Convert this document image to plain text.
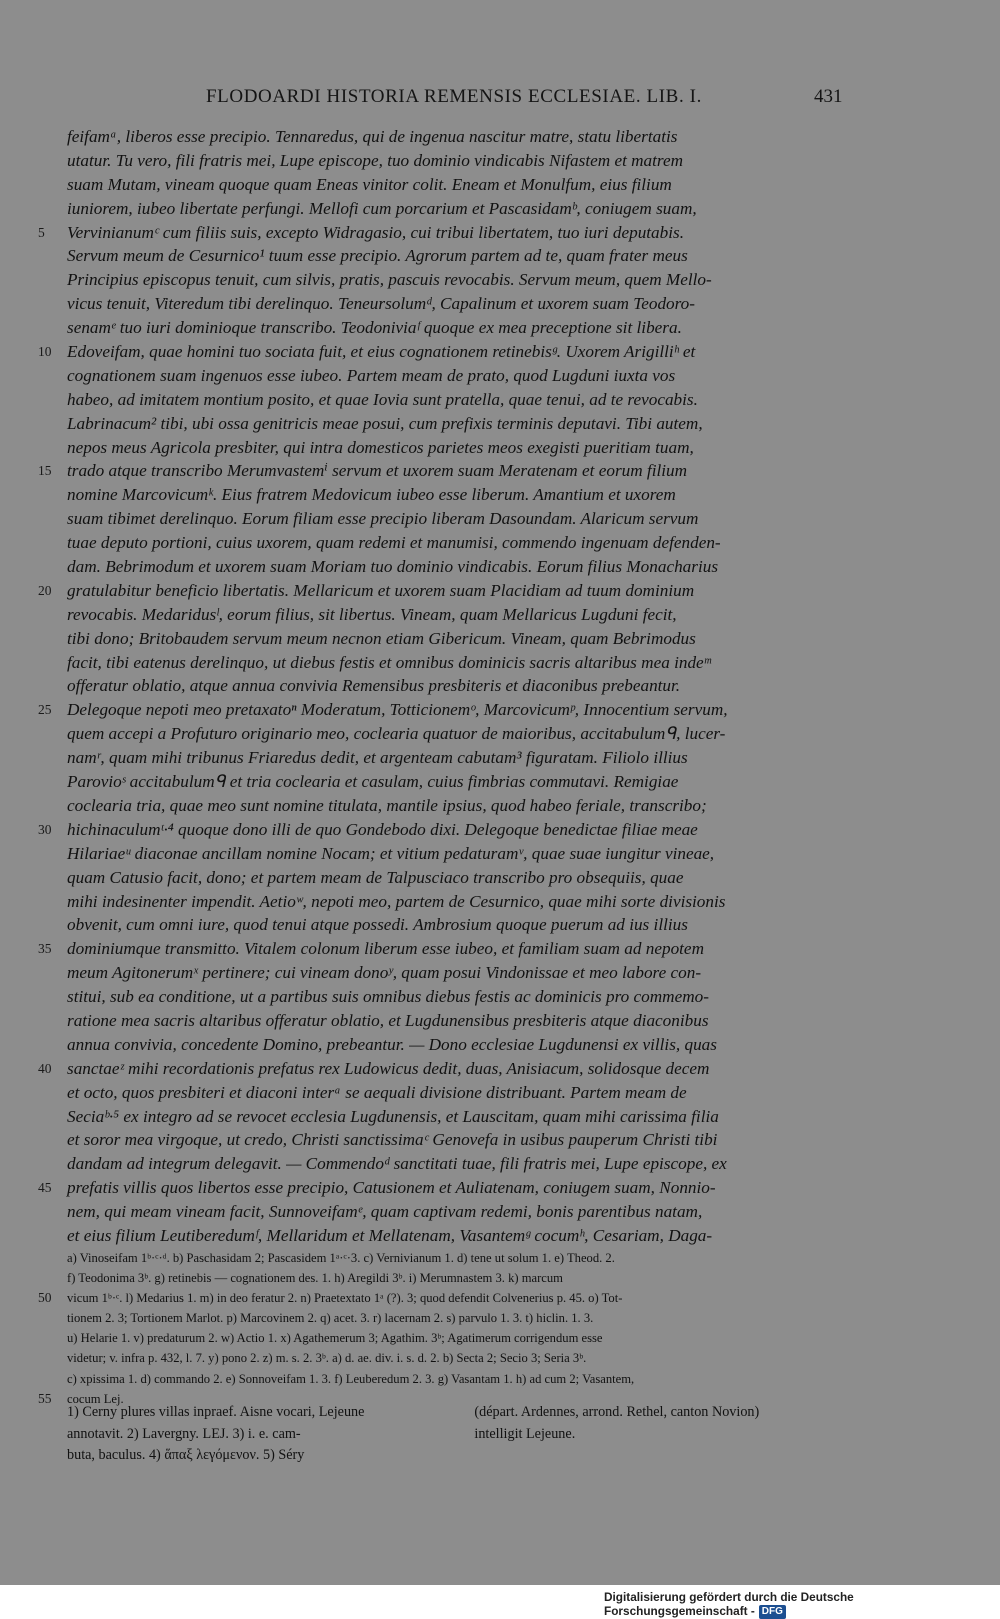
FLODOARDI HISTORIA REMENSIS ECCLESIAE. LIB. I.	431
feifamᵃ, liberos esse precipio. Tennaredus, qui de ingenua nascitur matre, statu libertatis
utatur. Tu vero, fili fratris mei, Lupe episcope, tuo dominio vindicabis Nifastem et matrem
suam Mutam, vineam quoque quam Eneas vinitor colit. Eneam et Monulfum, eius filium
iuniorem, iubeo libertate perfungi. Mellofi cum porcarium et Pascasidamᵇ, coniugem suam,
5 Vervinianumᶜ cum filiis suis, excepto Widragasio, cui tribui libertatem, tuo iuri deputabis.
Servum meum de Cesurnico¹ tuum esse precipio. Agrorum partem ad te, quam frater meus
Principius episcopus tenuit, cum silvis, pratis, pascuis revocabis. Servum meum, quem Mello-
vicus tenuit, Viteredum tibi derelinquo. Teneursolumᵈ, Capalinum et uxorem suam Teodoro-
senamᵉ tuo iuri dominioque transcribo. Teodoniviaᶠ quoque ex mea preceptione sit libera.
10 Edoveifam, quae homini tuo sociata fuit, et eius cognationem retinebisᵍ. Uxorem Arigilliʰ et
cognationem suam ingenuos esse iubeo. Partem meam de prato, quod Lugduni iuxta vos
habeo, ad imitatem montium posito, et quae Iovia sunt pratella, quae tenui, ad te revocabis.
Labrinacum² tibi, ubi ossa genitricis meae posui, cum prefixis terminis deputavi. Tibi autem,
nepos meus Agricola presbiter, qui intra domesticos parietes meos exegisti pueritiam tuam,
15 trado atque transcribo Merumvastemⁱ servum et uxorem suam Meratenam et eorum filium
nomine Marcovicumᵏ. Eius fratrem Medovicum iubeo esse liberum. Amantium et uxorem
suam tibimet derelinquo. Eorum filiam esse precipio liberam Dasoundam. Alaricum servum
tuae deputo portioni, cuius uxorem, quam redemi et manumisi, commendo ingenuam defenden-
dam. Bebrimodum et uxorem suam Moriam tuo dominio vindicabis. Eorum filius Monacharius
20 gratulabitur beneficio libertatis. Mellaricum et uxorem suam Placidiam ad tuum dominium
revocabis. Medaridusˡ, eorum filius, sit libertus. Vineam, quam Mellaricus Lugduni fecit,
tibi dono; Britobaudem servum meum necnon etiam Gibericum. Vineam, quam Bebrimodus
facit, tibi eatenus derelinquo, ut diebus festis et omnibus dominicis sacris altaribus mea indeᵐ
offeratur oblatio, atque annua convivia Remensibus presbiteris et diaconibus prebeantur.
25 Delegoque nepoti meo pretaxatoⁿ Moderatum, Totticionemᵒ, Marcovicumᵖ, Innocentium servum,
quem accepi a Profuturo originario meo, coclearia quatuor de maioribus, accitabulumᑫ, lucer-
namʳ, quam mihi tribunus Friaredus dedit, et argenteam cabutam³ figuratam. Filiolo illius
Parovioˢ accitabulumᑫ et tria coclearia et casulam, cuius fimbrias commutavi. Remigiae
coclearia tria, quae meo sunt nomine titulata, mantile ipsius, quod habeo feriale, transcribo;
30 hichinaculumᵗ·⁴ quoque dono illi de quo Gondebodo dixi. Delegoque benedictae filiae meae
Hilariaeᵘ diaconae ancillam nomine Nocam; et vitium pedaturamᵛ, quae suae iungitur vineae,
quam Catusio facit, dono; et partem meam de Talpusciaco transcribo pro obsequiis, quae
mihi indesinenter impendit. Aetioʷ, nepoti meo, partem de Cesurnico, quae mihi sorte divisionis
obvenit, cum omni iure, quod tenui atque possedi. Ambrosium quoque puerum ad ius illius
35 dominiumque transmitto. Vitalem colonum liberum esse iubeo, et familiam suam ad nepotem
meum Agitonerumˣ pertinere; cui vineam donoʸ, quam posui Vindonissae et meo labore con-
stitui, sub ea conditione, ut a partibus suis omnibus diebus festis ac dominicis pro commemo-
ratione mea sacris altaribus offeratur oblatio, et Lugdunensibus presbiteris atque diaconibus
annua convivia, concedente Domino, prebeantur. — Dono ecclesiae Lugdunensi ex villis, quas
40 sanctaeᶻ mihi recordationis prefatus rex Ludowicus dedit, duas, Anisiacum, solidosque decem
et octo, quos presbiteri et diaconi interᵃ se aequali divisione distribuant. Partem meam de
Seciaᵇ·⁵ ex integro ad se revocet ecclesia Lugdunensis, et Lauscitam, quam mihi carissima filia
et soror mea virgoque, ut credo, Christi sanctissimaᶜ Genovefa in usibus pauperum Christi tibi
dandam ad integrum delegavit. — Commendoᵈ sanctitati tuae, fili fratris mei, Lupe episcope, ex
45 prefatis villis quos libertos esse precipio, Catusionem et Auliatenam, coniugem suam, Nonnio-
nem, qui meam vineam facit, Sunnoveifamᵉ, quam captivam redemi, bonis parentibus natam,
et eius filium Leutiberedumᶠ, Mellaridum et Mellatenam, Vasantemᵍ cocumʰ, Cesariam, Daga-
a) Vinoseifam 1ᵇ·ᶜ·ᵈ. b) Paschasidam 2; Pascasidem 1ᵃ·ᶜ·3. c) Vernivianum 1. d) tene ut solum 1. e) Theod. 2.
f) Teodonima 3ᵇ. g) retinebis — cognationem des. 1. h) Aregildi 3ᵇ. i) Merumnastem 3. k) marcum
50 vicum 1ᵇ·ᶜ. l) Medarius 1. m) in deo feratur 2. n) Praetextato 1ᵃ (?). 3; quod defendit Colvenerius p. 45. o) Tot-
tionem 2. 3; Tortionem Marlot. p) Marcovinem 2. q) acet. 3. r) lacernam 2. s) parvulo 1. 3. t) hiclin. 1. 3.
u) Helarie 1. v) predaturum 2. w) Actio 1. x) Agathemerum 3; Agathim. 3ᵇ; Agatimerum corrigendum esse
videtur; v. infra p. 432, l. 7. y) pono 2. z) m. s. 2. 3ᵇ. a) d. ae. div. i. s. d. 2. b) Secta 2; Secio 3; Seria 3ᵇ.
c) xpissima 1. d) commando 2. e) Sonnoveifam 1. 3. f) Leuberedum 2. 3. g) Vasantam 1. h) ad cum 2; Vasantem,
55 cocum Lej.
1) Cerny plures villas inpraef. Aisne vocari, Lejeune
annotavit. 2) Lavergny. LEJ. 3) i. e. cam-
buta, baculus. 4) ἅπαξ λεγόμενον. 5) Séry
(départ. Ardennes, arrond. Rethel, canton Novion)
intelligit Lejeune.
Digitalisierung gefördert durch die Deutsche Forschungsgemeinschaft - DFG
